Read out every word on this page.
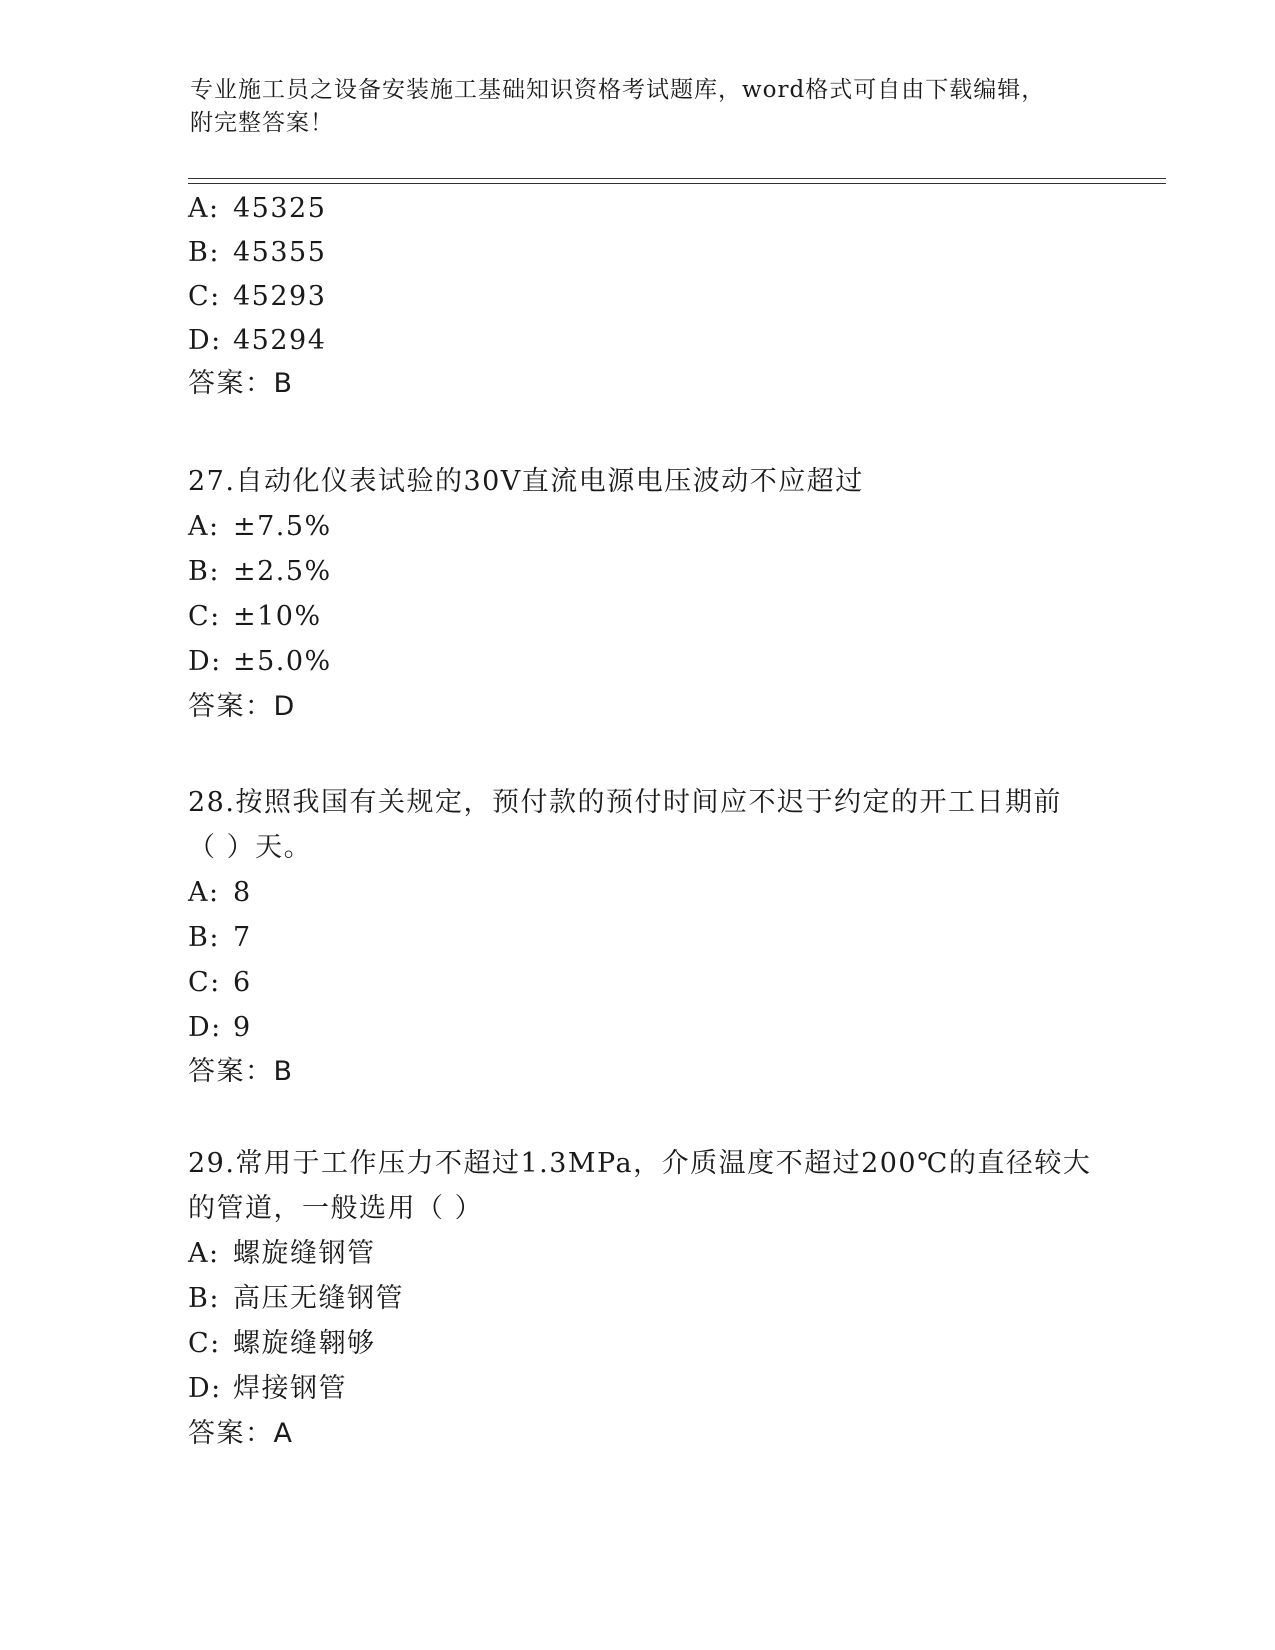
专业施工员之设备安装施工基础知识资格考试题库，word格式可自由下载编辑，
附完整答案！
A: 45325
B: 45355
C: 45293
D: 45294
答案：B
27.自动化仪表试验的30V直流电源电压波动不应超过
A: ±7.5%
B: ±2.5%
C: ±10%
D: ±5.0%
答案：D
28.按照我国有关规定，预付款的预付时间应不迟于约定的开工日期前
（ ）天。
A: 8
B: 7
C: 6
D: 9
答案：B
29.常用于工作压力不超过1.3MPa，介质温度不超过200℃的直径较大
的管道，一般选用（ ）
A: 螺旋缝钢管
B: 高压无缝钢管
C: 螺旋缝翱够
D: 焊接钢管
答案：A
